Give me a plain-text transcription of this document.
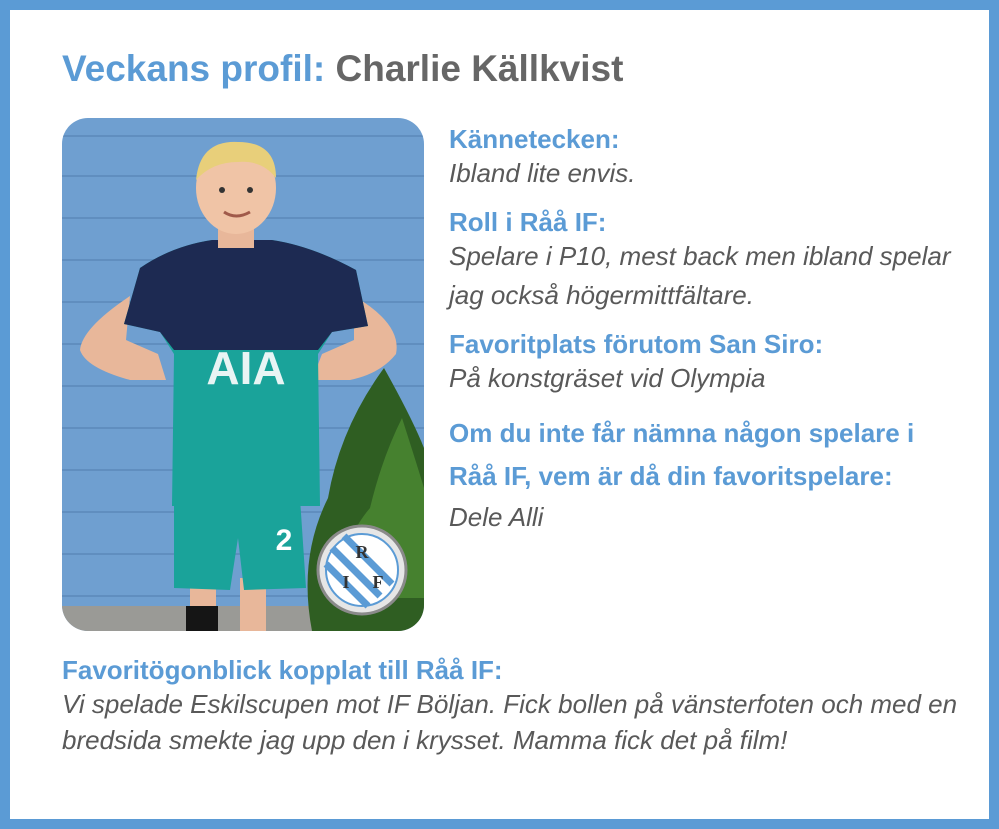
Veckans profil: Charlie Källkvist
AIA
2	R
I F
Kännetecken:
Ibland lite envis.
Roll i Råå IF:
Spelare i P10, mest back men ibland spelar jag också högermittfältare.
Favoritplats förutom San Siro:
På konstgräset vid Olympia
Om du inte får nämna någon spelare i Råå IF, vem är då din favoritspelare:
Dele Alli
Favoritögonblick kopplat till Råå IF:
Vi spelade Eskilscupen mot IF Böljan. Fick bollen på vänsterfoten och med en bredsida smekte jag upp den i krysset. Mamma fick det på film!
